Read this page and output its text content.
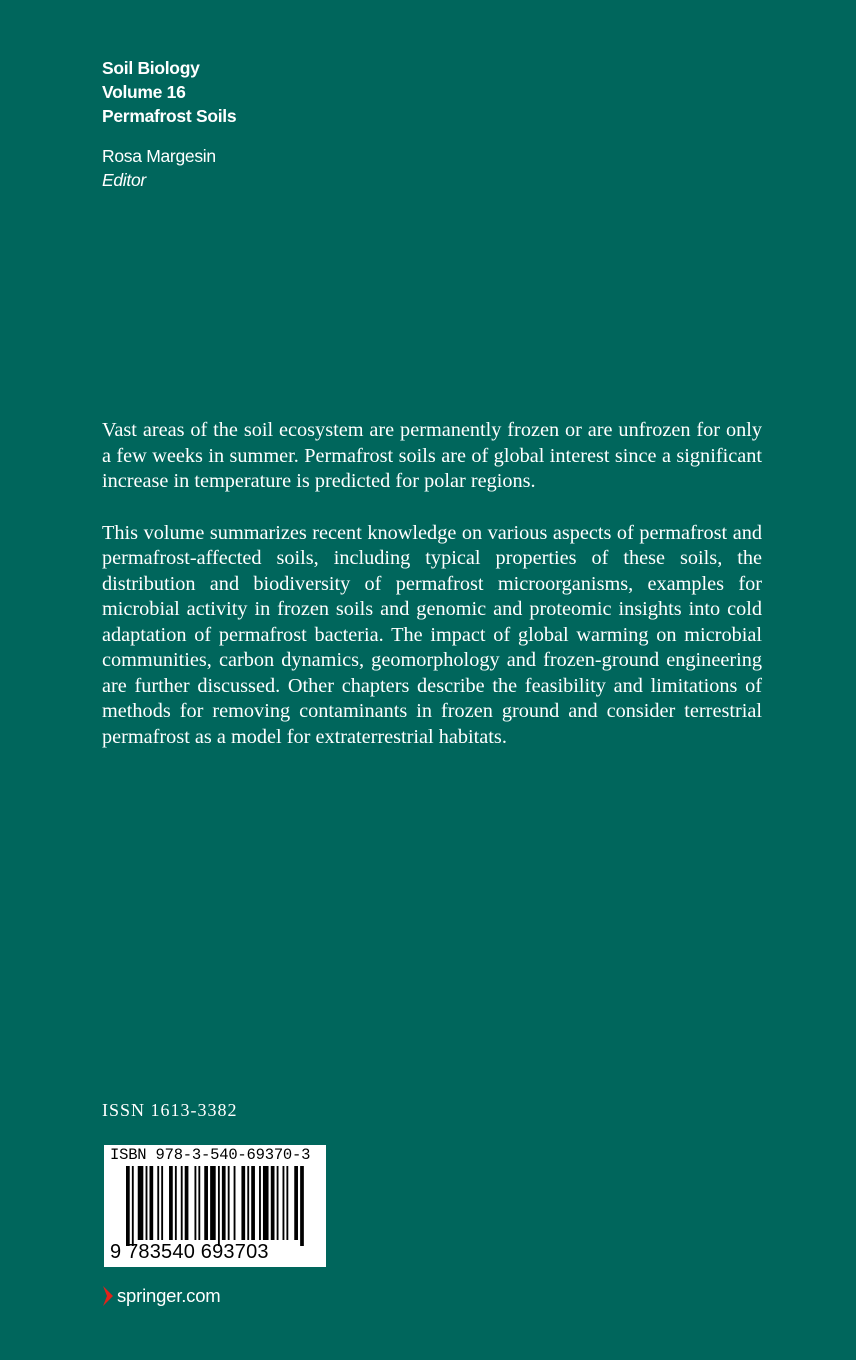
Soil Biology
Volume 16
Permafrost Soils
Rosa Margesin
Editor

Vast areas of the soil ecosystem are permanently frozen or are unfrozen for only a few weeks in summer. Permafrost soils are of global interest since a significant increase in temperature is predicted for polar regions.

This volume summarizes recent knowledge on various aspects of permafrost and permafrost-affected soils, including typical properties of these soils, the distribution and biodiversity of permafrost microorganisms, examples for microbial activity in frozen soils and genomic and proteomic insights into cold adaptation of permafrost bacteria. The impact of global warming on microbial communities, carbon dynamics, geomorphology and frozen-ground engineering are further discussed. Other chapters describe the feasibility and limitations of methods for removing contaminants in frozen ground and consider terrestrial permafrost as a model for extraterrestrial habitats.

ISSN 1613-3382
ISBN 978-3-540-69370-3
9 783540 693703
springer.com
